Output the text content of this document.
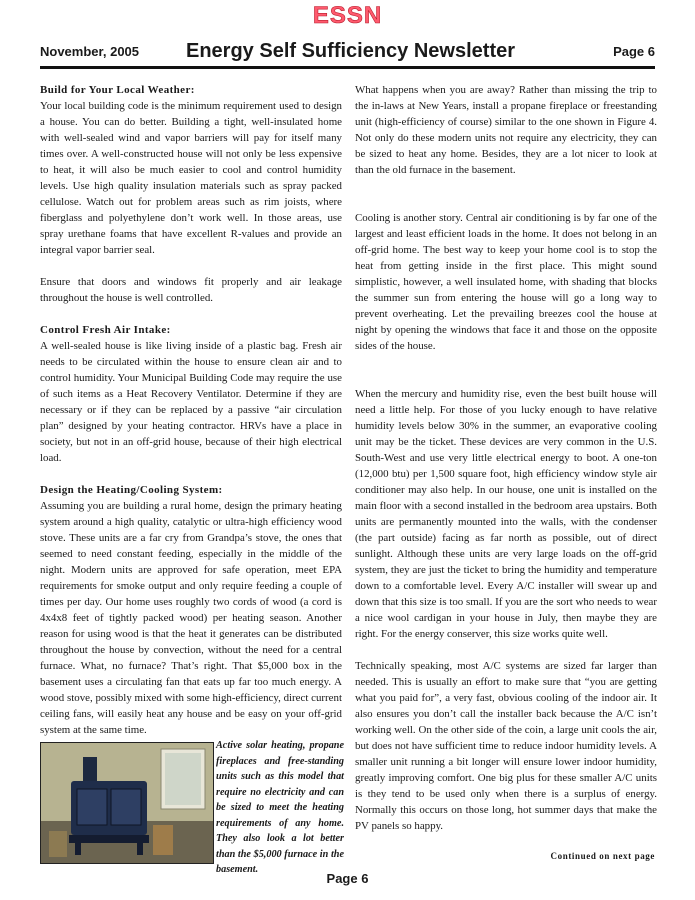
ESSN
November, 2005 Energy Self Sufficiency Newsletter	Page 6
Build for Your Local Weather:

Your local building code is the minimum requirement used to design a house. You can do better. Building a tight, well-insulated home with well-sealed wind and vapor barriers will pay for itself many times over. A well-constructed house will not only be less expensive to heat, it will also be much easier to cool and control humidity levels. Use high quality insulation materials such as spray packed cellulose. Watch out for problem areas such as rim joists, where fiberglass and polyethylene don’t work well. In those areas, use spray urethane foams that have excellent R-values and provide an integral vapor barrier seal.

Ensure that doors and windows fit properly and air leakage throughout the house is well controlled.

Control Fresh Air Intake:

A well-sealed house is like living inside of a plastic bag. Fresh air needs to be circulated within the house to ensure clean air and to control humidity. Your Municipal Building Code may require the use of such items as a Heat Recovery Ventilator. Determine if they are necessary or if they can be replaced by a passive “air circulation plan” designed by your heating contractor. HRVs have a place in society, but not in an off-grid house, because of their high electrical load.

Design the Heating/Cooling System:

Assuming you are building a rural home, design the primary heating system around a high quality, catalytic or ultra-high efficiency wood stove. These units are a far cry from Grandpa’s stove, the ones that seemed to need constant feeding, especially in the middle of the night. Modern units are approved for safe operation, meet EPA requirements for smoke output and only require feeding a couple of times per day. Our home uses roughly two cords of wood (a cord is 4x4x8 feet of tightly packed wood) per heating season. Another reason for using wood is that the heat it generates can be distributed throughout the house by convection, without the need for a central furnace. What, no furnace? That’s right. That $5,000 box in the basement uses a circulating fan that eats up far too much energy. A wood stove, possibly mixed with some high-efficiency, direct current ceiling fans, will easily heat any house and be easy on your off-grid system at the same time.

Active solar heating, propane fireplaces and free-standing units such as this model that require no electricity and can be sized to meet the heating requirements of any home. They also look a lot better than the $5,000 furnace in the basement.

What happens when you are away? Rather than missing the trip to the in-laws at New Years, install a propane fireplace or freestanding unit (high-efficiency of course) similar to the one shown in Figure 4. Not only do these modern units not require any electricity, they can be sized to heat any home. Besides, they are a lot nicer to look at than the old furnace in the basement.

Cooling is another story. Central air conditioning is by far one of the largest and least efficient loads in the home. It does not belong in an off-grid home. The best way to keep your home cool is to stop the heat from getting inside in the first place. This might sound simplistic, however, a well insulated home, with shading that blocks the summer sun from entering the house will go a long way to prevent overheating. Let the prevailing breezes cool the house at night by opening the windows that face it and those on the opposite sides of the house.

When the mercury and humidity rise, even the best built house will need a little help. For those of you lucky enough to have relative humidity levels below 30% in the summer, an evaporative cooling unit may be the ticket. These devices are very common in the U.S. South-West and use very little electrical energy to boot. A one-ton (12,000 btu) per 1,500 square foot, high efficiency window style air conditioner may also help. In our house, one unit is installed on the main floor with a second installed in the bedroom area upstairs. Both units are permanently mounted into the walls, with the condenser (the part outside) facing as far north as possible, out of direct sunlight. Although these units are very large loads on the off-grid system, they are just the ticket to bring the humidity and temperature down to a comfortable level. Every A/C installer will swear up and down that this size is too small. If you are the sort who needs to wear a nice wool cardigan in your house in July, then maybe they are right. For the energy conserver, this size works quite well.

Technically speaking, most A/C systems are sized far larger than needed. This is usually an effort to make sure that “you are getting what you paid for”, a very fast, obvious cooling of the indoor air. It also ensures you don’t call the installer back because the A/C isn’t working well. On the other side of the coin, a large unit cools the air, but does not have sufficient time to reduce indoor humidity levels. A smaller unit running a bit longer will ensure lower indoor humidity, greatly improving comfort. One big plus for these smaller A/C units is they tend to be used only when there is a surplus of energy. Normally this occurs on those long, hot summer days that make the PV panels so happy.

Continued on next page
Page 6
